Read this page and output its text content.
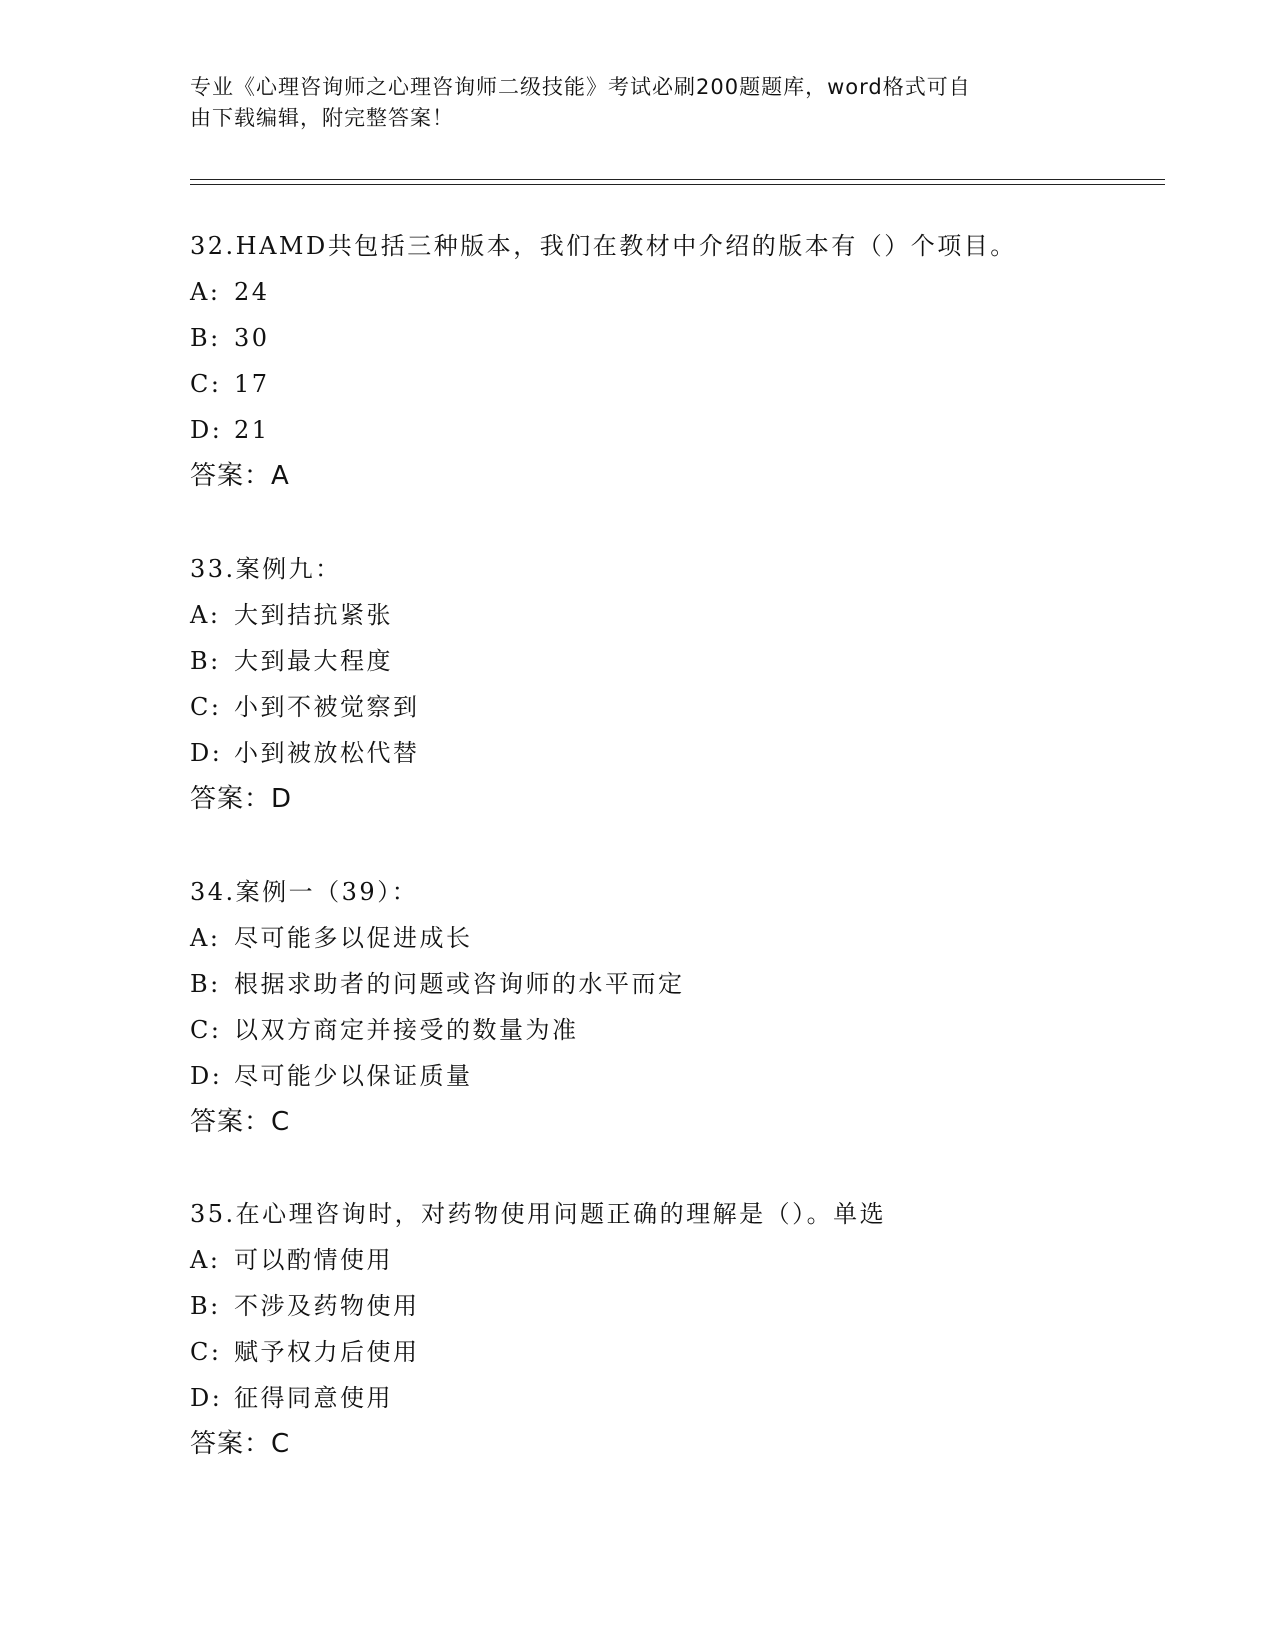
专业《心理咨询师之心理咨询师二级技能》考试必刷200题题库，word格式可自
由下载编辑，附完整答案！
32.HAMD共包括三种版本，我们在教材中介绍的版本有（）个项目。
A: 24
B: 30
C: 17
D: 21
答案：A
33.案例九：
A: 大到拮抗紧张
B: 大到最大程度
C: 小到不被觉察到
D: 小到被放松代替
答案：D
34.案例一（39）：
A: 尽可能多以促进成长
B: 根据求助者的问题或咨询师的水平而定
C: 以双方商定并接受的数量为准
D: 尽可能少以保证质量
答案：C
35.在心理咨询时，对药物使用问题正确的理解是（）。单选
A: 可以酌情使用
B: 不涉及药物使用
C: 赋予权力后使用
D: 征得同意使用
答案：C
